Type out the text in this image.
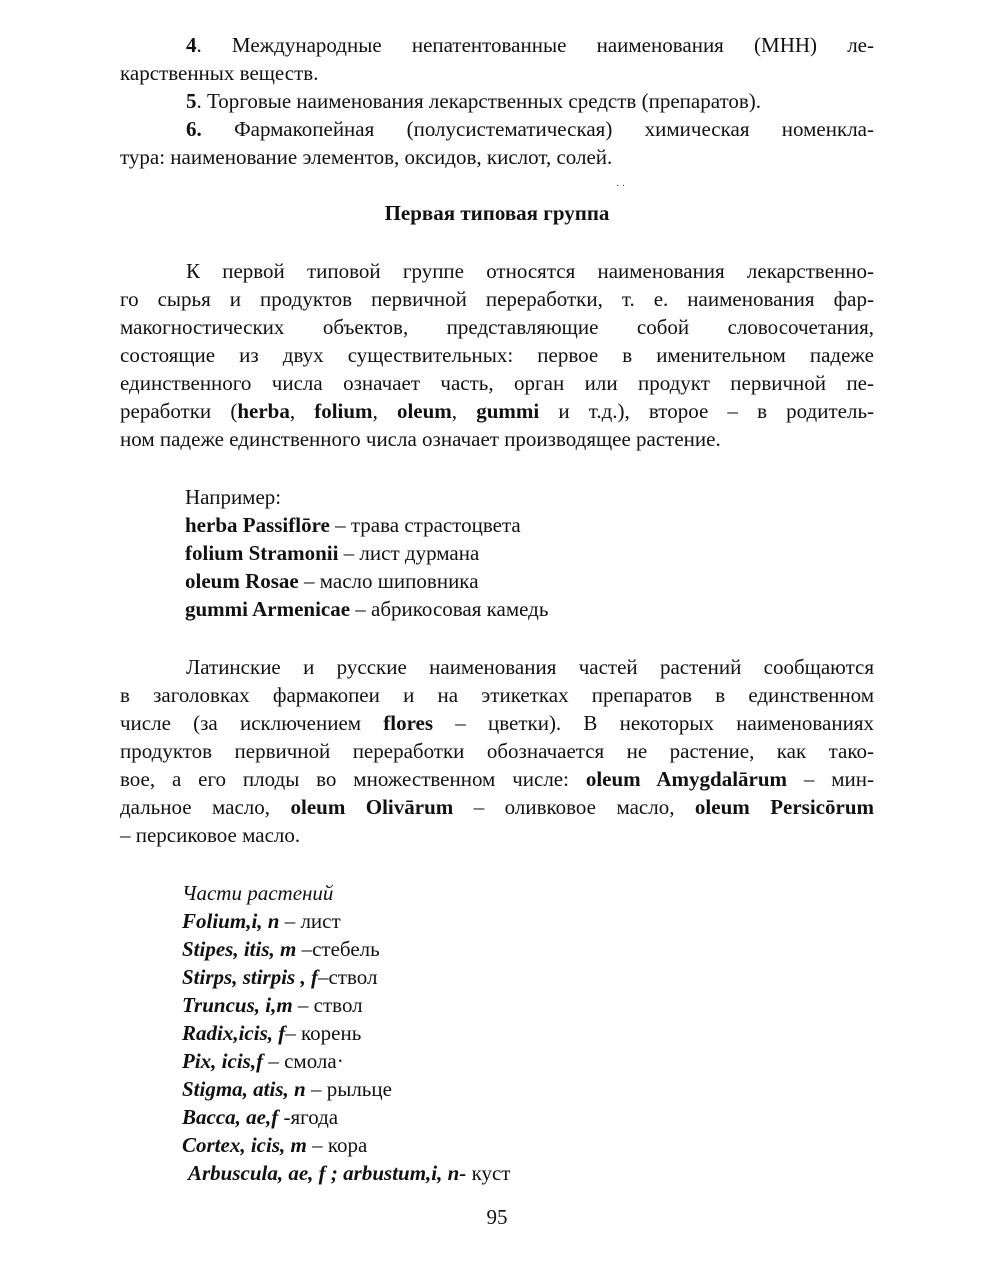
4. Международные непатентованные наименования (МНН) ле-
карственных веществ.
5. Торговые наименования лекарственных средств (препаратов).
6. Фармакопейная (полусистематическая) химическая номенкла-
тура: наименование элементов, оксидов, кислот, солей.
· ·
Первая типовая группа
К первой типовой группе относятся наименования лекарственно-
го сырья и продуктов первичной переработки, т. е. наименования фар-
макогностических объектов, представляющие собой словосочетания,
состоящие из двух существительных: первое в именительном падеже
единственного числа означает часть, орган или продукт первичной пе-
реработки (herba, folium, oleum, gummi и т.д.), второе – в родитель-
ном падеже единственного числа означает производящее растение.
Например:
herba Passiflōre – трава страстоцвета
folium Stramonii – лист дурмана
oleum Rosae – масло шиповника
gummi Armenicae – абрикосовая камедь
Латинские и русские наименования частей растений сообщаются
в заголовках фармакопеи и на этикетках препаратов в единственном
числе (за исключением flores – цветки). В некоторых наименованиях
продуктов первичной переработки обозначается не растение, как тако-
вое, а его плоды во множественном числе: oleum Amygdalārum – мин-
дальное масло, oleum Olivārum – оливковое масло, oleum Persicōrum
– персиковое масло.
Части растений
Folium,i, n – лист
Stipes, itis, m –стебель
Stirps, stirpis , f–ствол
Truncus, i,m – ствол
Radix,icis, f– корень
Pix, icis,f – смола·
Stigma, atis, n – рыльце
Bacca, ae,f -ягода
Cortex, icis, m – кора
Arbuscula, ae, f ; arbustum,i, n- куст
95
